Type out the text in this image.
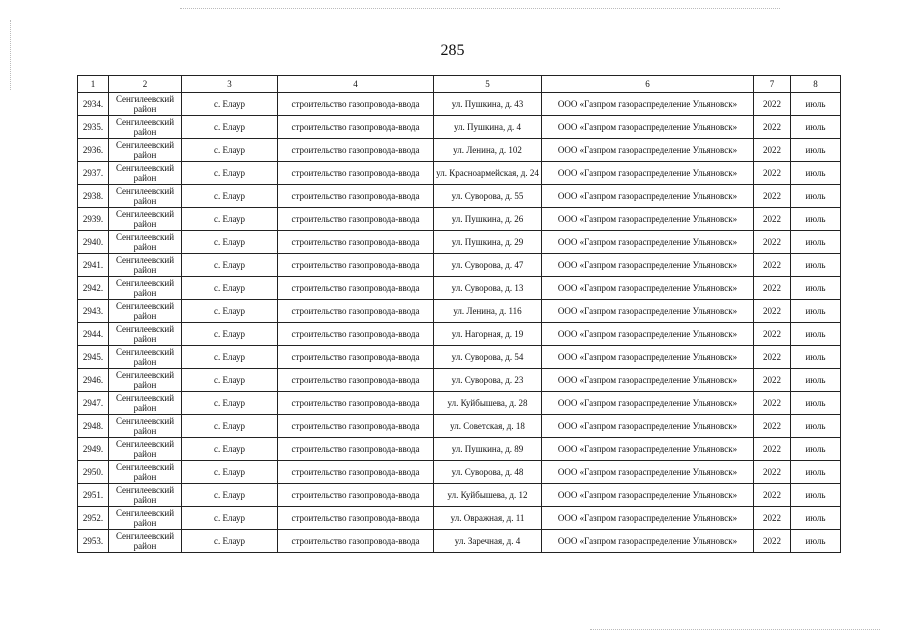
285
1	2	3	4	5	6	7	8
2934.	Сенгилеевский район	с. Елаур	строительство газопровода-ввода	ул. Пушкина, д. 43	ООО «Газпром газораспределение Ульяновск»	2022	июль
2935.	Сенгилеевский район	с. Елаур	строительство газопровода-ввода	ул. Пушкина, д. 4	ООО «Газпром газораспределение Ульяновск»	2022	июль
2936.	Сенгилеевский район	с. Елаур	строительство газопровода-ввода	ул. Ленина, д. 102	ООО «Газпром газораспределение Ульяновск»	2022	июль
2937.	Сенгилеевский район	с. Елаур	строительство газопровода-ввода	ул. Красноармейская, д. 24	ООО «Газпром газораспределение Ульяновск»	2022	июль
2938.	Сенгилеевский район	с. Елаур	строительство газопровода-ввода	ул. Суворова, д. 55	ООО «Газпром газораспределение Ульяновск»	2022	июль
2939.	Сенгилеевский район	с. Елаур	строительство газопровода-ввода	ул. Пушкина, д. 26	ООО «Газпром газораспределение Ульяновск»	2022	июль
2940.	Сенгилеевский район	с. Елаур	строительство газопровода-ввода	ул. Пушкина, д. 29	ООО «Газпром газораспределение Ульяновск»	2022	июль
2941.	Сенгилеевский район	с. Елаур	строительство газопровода-ввода	ул. Суворова, д. 47	ООО «Газпром газораспределение Ульяновск»	2022	июль
2942.	Сенгилеевский район	с. Елаур	строительство газопровода-ввода	ул. Суворова, д. 13	ООО «Газпром газораспределение Ульяновск»	2022	июль
2943.	Сенгилеевский район	с. Елаур	строительство газопровода-ввода	ул. Ленина, д. 116	ООО «Газпром газораспределение Ульяновск»	2022	июль
2944.	Сенгилеевский район	с. Елаур	строительство газопровода-ввода	ул. Нагорная, д. 19	ООО «Газпром газораспределение Ульяновск»	2022	июль
2945.	Сенгилеевский район	с. Елаур	строительство газопровода-ввода	ул. Суворова, д. 54	ООО «Газпром газораспределение Ульяновск»	2022	июль
2946.	Сенгилеевский район	с. Елаур	строительство газопровода-ввода	ул. Суворова, д. 23	ООО «Газпром газораспределение Ульяновск»	2022	июль
2947.	Сенгилеевский район	с. Елаур	строительство газопровода-ввода	ул. Куйбышева, д. 28	ООО «Газпром газораспределение Ульяновск»	2022	июль
2948.	Сенгилеевский район	с. Елаур	строительство газопровода-ввода	ул. Советская, д. 18	ООО «Газпром газораспределение Ульяновск»	2022	июль
2949.	Сенгилеевский район	с. Елаур	строительство газопровода-ввода	ул. Пушкина, д. 89	ООО «Газпром газораспределение Ульяновск»	2022	июль
2950.	Сенгилеевский район	с. Елаур	строительство газопровода-ввода	ул. Суворова, д. 48	ООО «Газпром газораспределение Ульяновск»	2022	июль
2951.	Сенгилеевский район	с. Елаур	строительство газопровода-ввода	ул. Куйбышева, д. 12	ООО «Газпром газораспределение Ульяновск»	2022	июль
2952.	Сенгилеевский район	с. Елаур	строительство газопровода-ввода	ул. Овражная, д. 11	ООО «Газпром газораспределение Ульяновск»	2022	июль
2953.	Сенгилеевский район	с. Елаур	строительство газопровода-ввода	ул. Заречная, д. 4	ООО «Газпром газораспределение Ульяновск»	2022	июль
